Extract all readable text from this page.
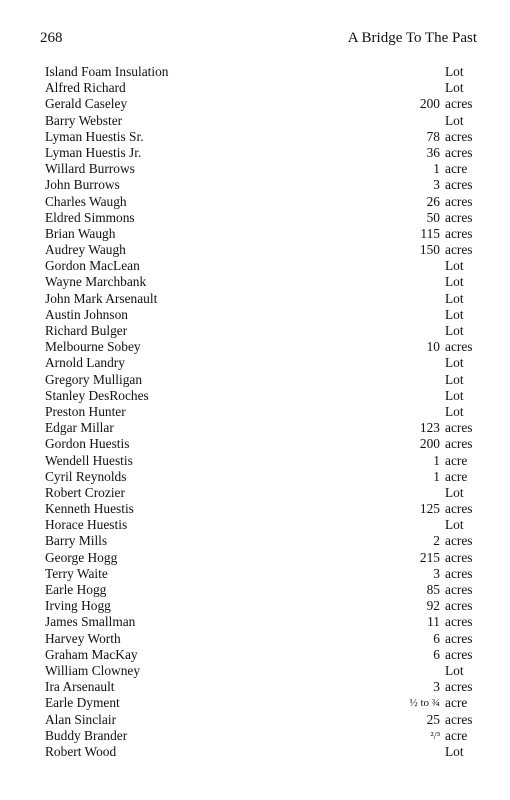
268	A Bridge To The Past
Island Foam Insulation	Lot
Alfred Richard	Lot
Gerald Caseley	200 acres
Barry Webster	Lot
Lyman Huestis Sr.	78 acres
Lyman Huestis Jr.	36 acres
Willard Burrows	1 acre
John Burrows	3 acres
Charles Waugh	26 acres
Eldred Simmons	50 acres
Brian Waugh	115 acres
Audrey Waugh	150 acres
Gordon MacLean	Lot
Wayne Marchbank	Lot
John Mark Arsenault	Lot
Austin Johnson	Lot
Richard Bulger	Lot
Melbourne Sobey	10 acres
Arnold Landry	Lot
Gregory Mulligan	Lot
Stanley DesRoches	Lot
Preston Hunter	Lot
Edgar Millar	123 acres
Gordon Huestis	200 acres
Wendell Huestis	1 acre
Cyril Reynolds	1 acre
Robert Crozier	Lot
Kenneth Huestis	125 acres
Horace Huestis	Lot
Barry Mills	2 acres
George Hogg	215 acres
Terry Waite	3 acres
Earle Hogg	85 acres
Irving Hogg	92 acres
James Smallman	11 acres
Harvey Worth	6 acres
Graham MacKay	6 acres
William Clowney	Lot
Ira Arsenault	3 acres
Earle Dyment	½ to ¾ acre
Alan Sinclair	25 acres
Buddy Brander	²/³ acre
Robert Wood	Lot
